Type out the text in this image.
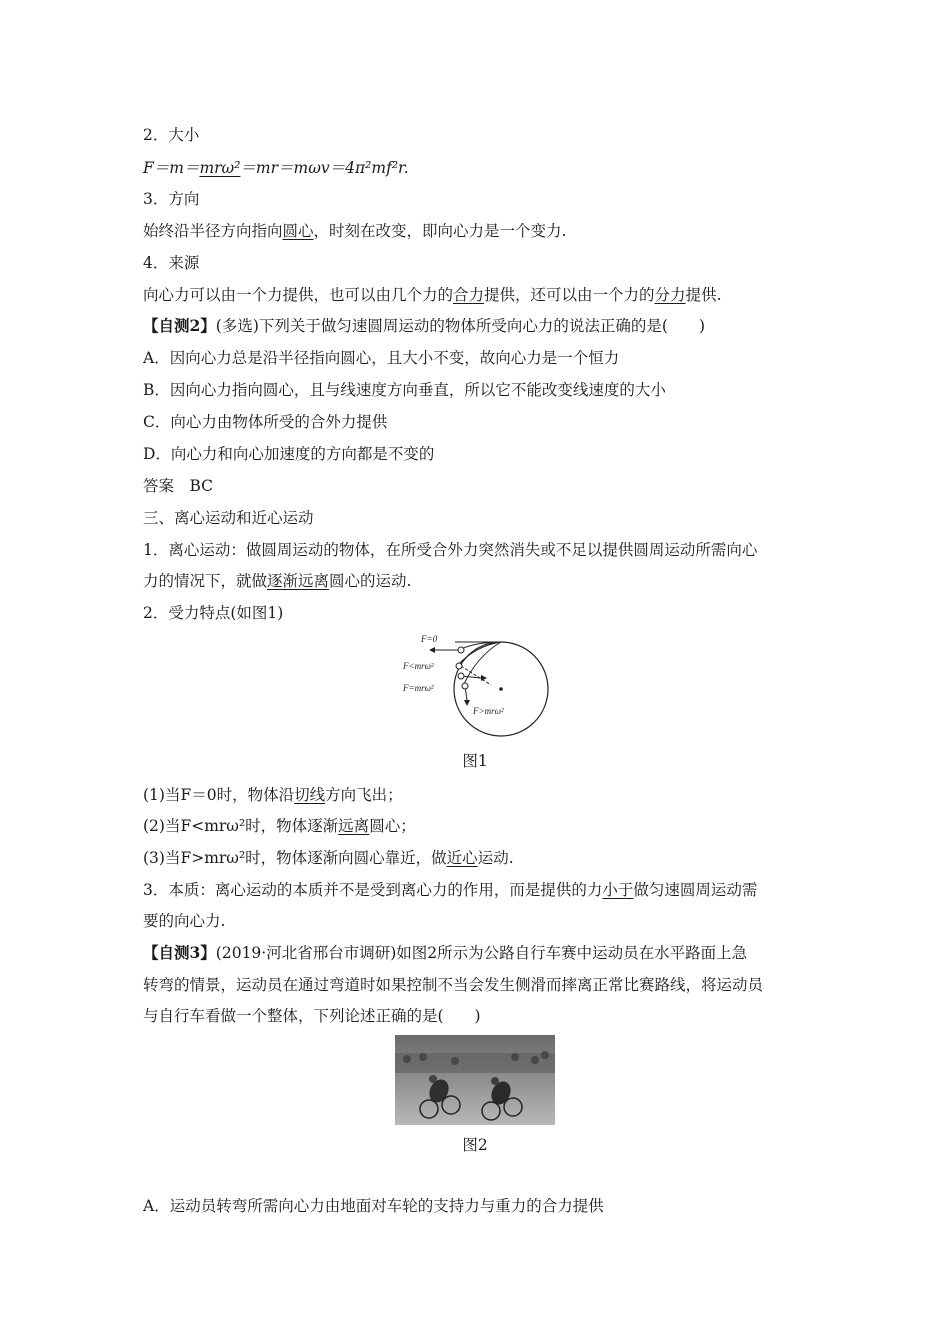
2．大小
F＝m＝mrω²＝mr＝mωv＝4π²mf²r.
3．方向
始终沿半径方向指向圆心，时刻在改变，即向心力是一个变力.
4．来源
向心力可以由一个力提供，也可以由几个力的合力提供，还可以由一个力的分力提供.
【自测2】(多选)下列关于做匀速圆周运动的物体所受向心力的说法正确的是(　　)
A．因向心力总是沿半径指向圆心，且大小不变，故向心力是一个恒力
B．因向心力指向圆心，且与线速度方向垂直，所以它不能改变线速度的大小
C．向心力由物体所受的合外力提供
D．向心力和向心加速度的方向都是不变的
答案　BC
三、离心运动和近心运动
1．离心运动：做圆周运动的物体，在所受合外力突然消失或不足以提供圆周运动所需向心
力的情况下，就做逐渐远离圆心的运动.
2．受力特点(如图1)
F=0
F<mrω²
F=mrω²
F>mrω²
图1
(1)当F＝0时，物体沿切线方向飞出；
(2)当F<mrω²时，物体逐渐远离圆心；
(3)当F>mrω²时，物体逐渐向圆心靠近，做近心运动.
3．本质：离心运动的本质并不是受到离心力的作用，而是提供的力小于做匀速圆周运动需
要的向心力.
【自测3】(2019·河北省邢台市调研)如图2所示为公路自行车赛中运动员在水平路面上急
转弯的情景，运动员在通过弯道时如果控制不当会发生侧滑而摔离正常比赛路线，将运动员
与自行车看做一个整体，下列论述正确的是(　　)
图2
A．运动员转弯所需向心力由地面对车轮的支持力与重力的合力提供
